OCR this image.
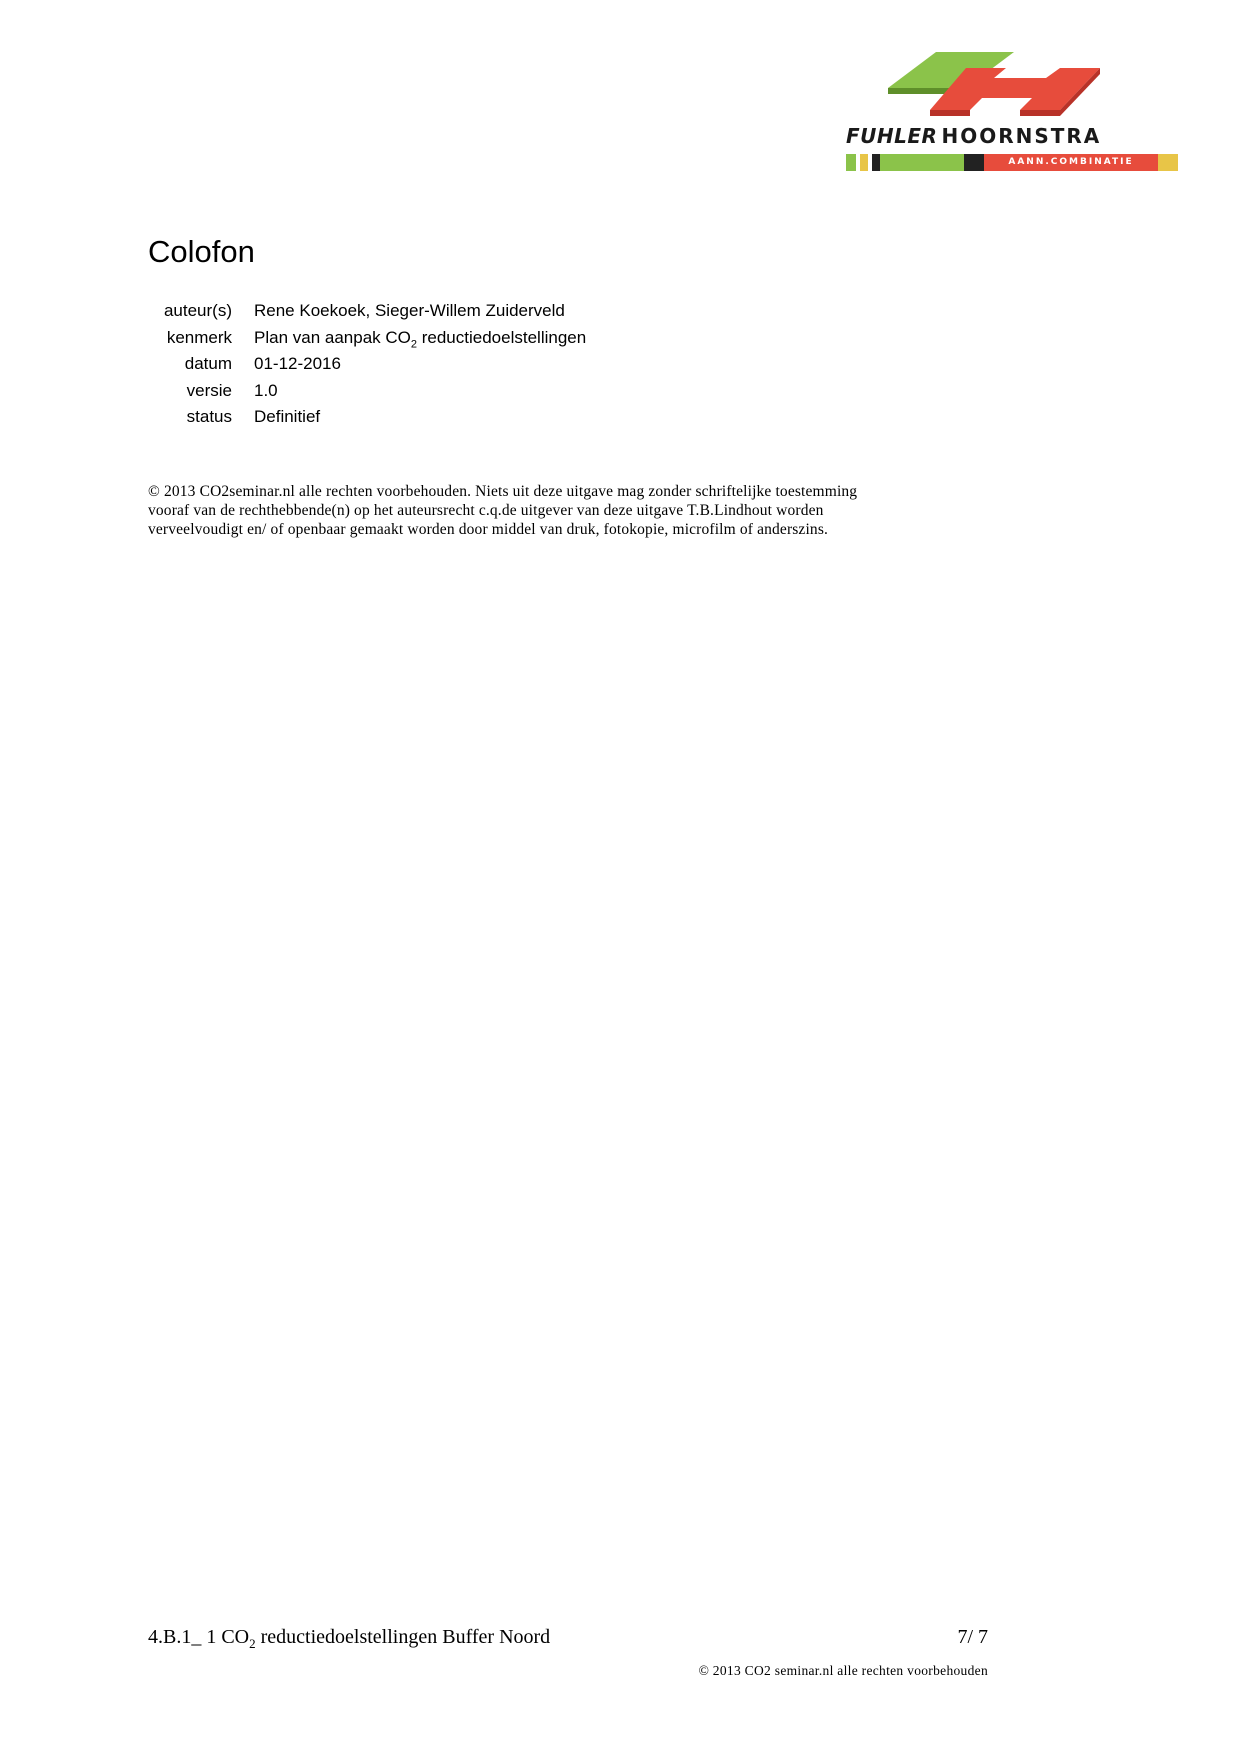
FUHLER HOORNSTRA
AANN.COMBINATIE
Colofon
auteur(s) Rene Koekoek, Sieger-Willem Zuiderveld
kenmerk Plan van aanpak $CO_2$ reductiedoelstellingen
datum 01-12-2016
versie 1.0
status Definitief

© 2013 CO2seminar.nl alle rechten voorbehouden. Niets uit deze uitgave mag zonder schriftelijke toestemming
vooraf van de rechthebbende(n) op het auteursrecht c.q.de uitgever van deze uitgave T.B.Lindhout worden
verveelvoudigt en/ of openbaar gemaakt worden door middel van druk, fotokopie, microfilm of anderszins.

4.B.1_ 1 $CO_2$ reductiedoelstellingen Buffer Noord	7/ 7
© 2013 CO2 seminar.nl alle rechten voorbehouden
